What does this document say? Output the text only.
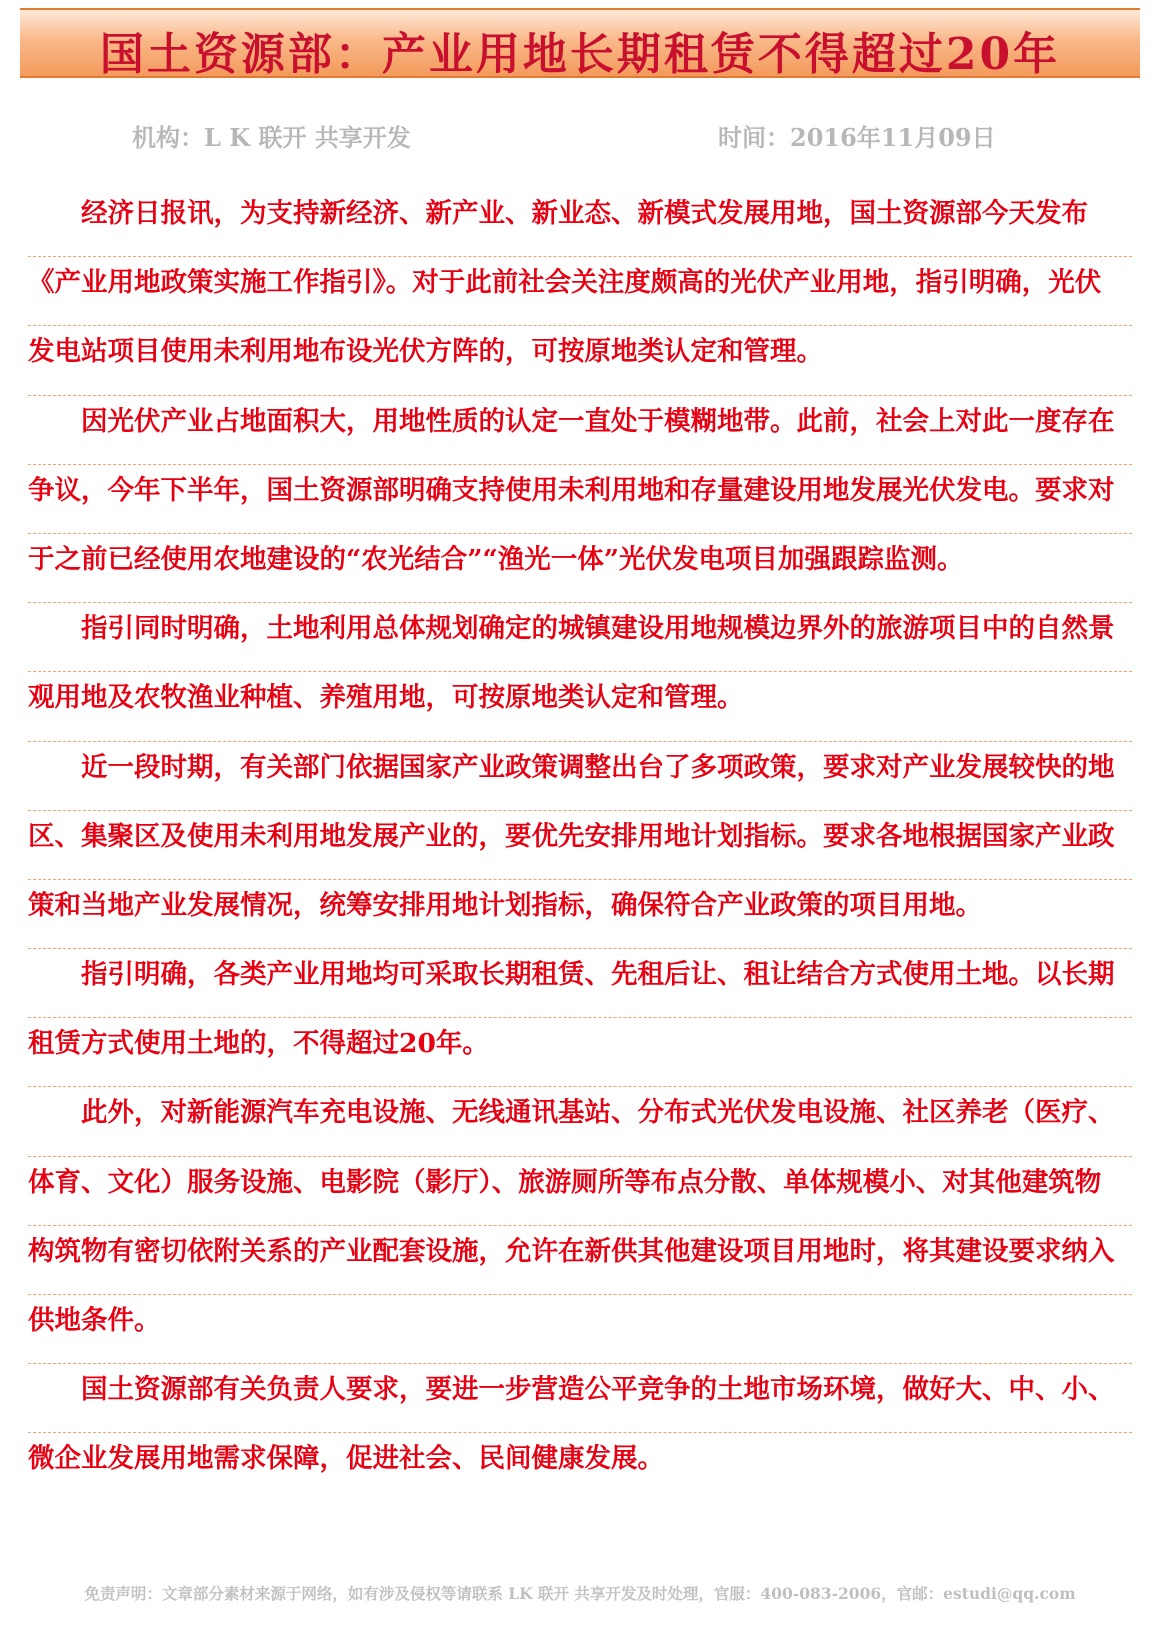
国土资源部：产业用地长期租赁不得超过20年
机构：L K 联开 共享开发	时间：2016年11月09日
经济日报讯，为支持新经济、新产业、新业态、新模式发展用地，国土资源部今天发布
《产业用地政策实施工作指引》。对于此前社会关注度颇高的光伏产业用地，指引明确，光伏
发电站项目使用未利用地布设光伏方阵的，可按原地类认定和管理。
因光伏产业占地面积大，用地性质的认定一直处于模糊地带。此前，社会上对此一度存在
争议，今年下半年，国土资源部明确支持使用未利用地和存量建设用地发展光伏发电。要求对
于之前已经使用农地建设的“农光结合”“渔光一体”光伏发电项目加强跟踪监测。
指引同时明确，土地利用总体规划确定的城镇建设用地规模边界外的旅游项目中的自然景
观用地及农牧渔业种植、养殖用地，可按原地类认定和管理。
近一段时期，有关部门依据国家产业政策调整出台了多项政策，要求对产业发展较快的地
区、集聚区及使用未利用地发展产业的，要优先安排用地计划指标。要求各地根据国家产业政
策和当地产业发展情况，统筹安排用地计划指标，确保符合产业政策的项目用地。
指引明确，各类产业用地均可采取长期租赁、先租后让、租让结合方式使用土地。以长期
租赁方式使用土地的，不得超过20年。
此外，对新能源汽车充电设施、无线通讯基站、分布式光伏发电设施、社区养老（医疗、
体育、文化）服务设施、电影院（影厅）、旅游厕所等布点分散、单体规模小、对其他建筑物
构筑物有密切依附关系的产业配套设施，允许在新供其他建设项目用地时，将其建设要求纳入
供地条件。
国土资源部有关负责人要求，要进一步营造公平竞争的土地市场环境，做好大、中、小、
微企业发展用地需求保障，促进社会、民间健康发展。
免责声明：文章部分素材来源于网络，如有涉及侵权等请联系 LK 联开 共享开发及时处理，官服：400-083-2006，官邮：estudi@qq.com
